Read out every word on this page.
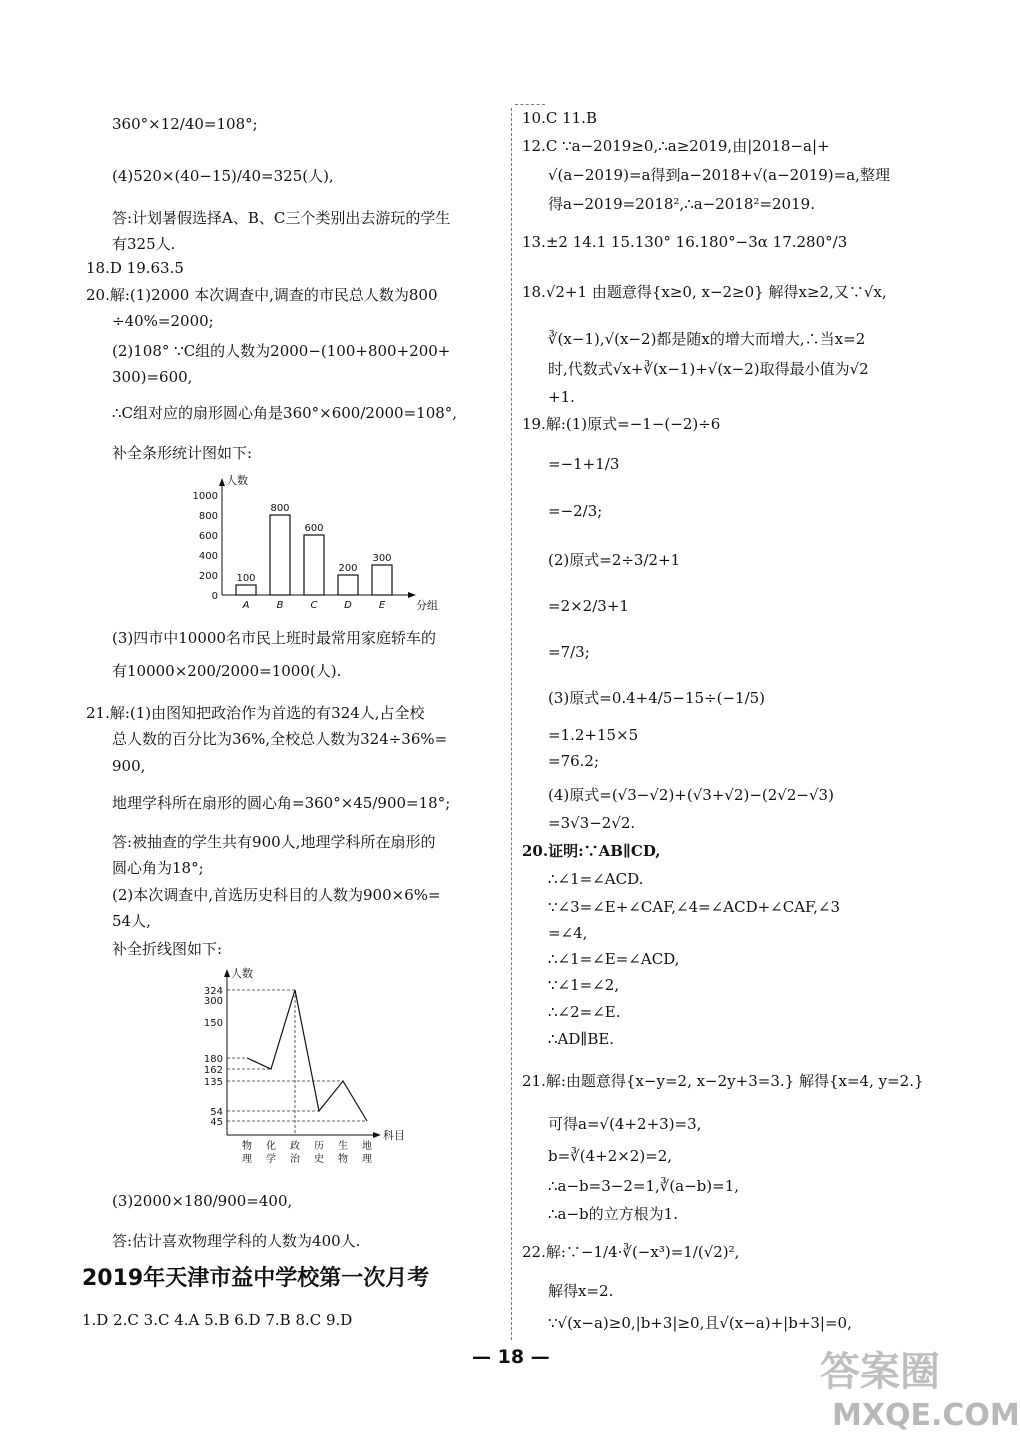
360°×12/40=108°;
(4)520×(40−15)/40=325(人),
答:计划暑假选择A、B、C三个类别出去游玩的学生
有325人.
18.D 19.63.5
20.解:(1)2000 本次调查中,调查的市民总人数为800
÷40%=2000;
(2)108° ∵C组的人数为2000−(100+800+200+
300)=600,
∴C组对应的扇形圆心角是360°×600/2000=108°,
补全条形统计图如下:
人数
分组
0
200
400
600
800
1000
100
A
800
B
600
C
200
D
300
E
(3)四市中10000名市民上班时最常用家庭轿车的
有10000×200/2000=1000(人).
21.解:(1)由图知把政治作为首选的有324人,占全校
总人数的百分比为36%,全校总人数为324÷36%=
900,
地理学科所在扇形的圆心角=360°×45/900=18°;
答:被抽查的学生共有900人,地理学科所在扇形的
圆心角为18°;
(2)本次调查中,首选历史科目的人数为900×6%=
54人,
补全折线图如下:
人数
科目
45
54
135
162
180
150
300
324
物
理
化
学
政
治
历
史
生
物
地
理
(3)2000×180/900=400,
答:估计喜欢物理学科的人数为400人.
2019年天津市益中学校第一次月考
1.D 2.C 3.C 4.A 5.B 6.D 7.B 8.C 9.D
10.C 11.B
12.C ∵a−2019≥0,∴a≥2019,由|2018−a|+
√(a−2019)=a得到a−2018+√(a−2019)=a,整理
得a−2019=2018²,∴a−2018²=2019.
13.±2 14.1 15.130° 16.180°−3α 17.280°/3
18.√2+1 由题意得{x≥0, x−2≥0} 解得x≥2,又∵√x,
∛(x−1),√(x−2)都是随x的增大而增大,∴当x=2
时,代数式√x+∛(x−1)+√(x−2)取得最小值为√2
+1.
19.解:(1)原式=−1−(−2)÷6
=−1+1/3
=−2/3;
(2)原式=2÷3/2+1
=2×2/3+1
=7/3;
(3)原式=0.4+4/5−15÷(−1/5)
=1.2+15×5
=76.2;
(4)原式=(√3−√2)+(√3+√2)−(2√2−√3)
=3√3−2√2.
20.证明:∵AB∥CD,
∴∠1=∠ACD.
∵∠3=∠E+∠CAF,∠4=∠ACD+∠CAF,∠3
=∠4,
∴∠1=∠E=∠ACD,
∵∠1=∠2,
∴∠2=∠E.
∴AD∥BE.
21.解:由题意得{x−y=2, x−2y+3=3.} 解得{x=4, y=2.}
可得a=√(4+2+3)=3,
b=∛(4+2×2)=2,
∴a−b=3−2=1,∛(a−b)=1,
∴a−b的立方根为1.
22.解:∵−1/4·∛(−x³)=1/(√2)²,
解得x=2.
∵√(x−a)≥0,|b+3|≥0,且√(x−a)+|b+3|=0,
— 18 —	答案圈
MXQE.COM
